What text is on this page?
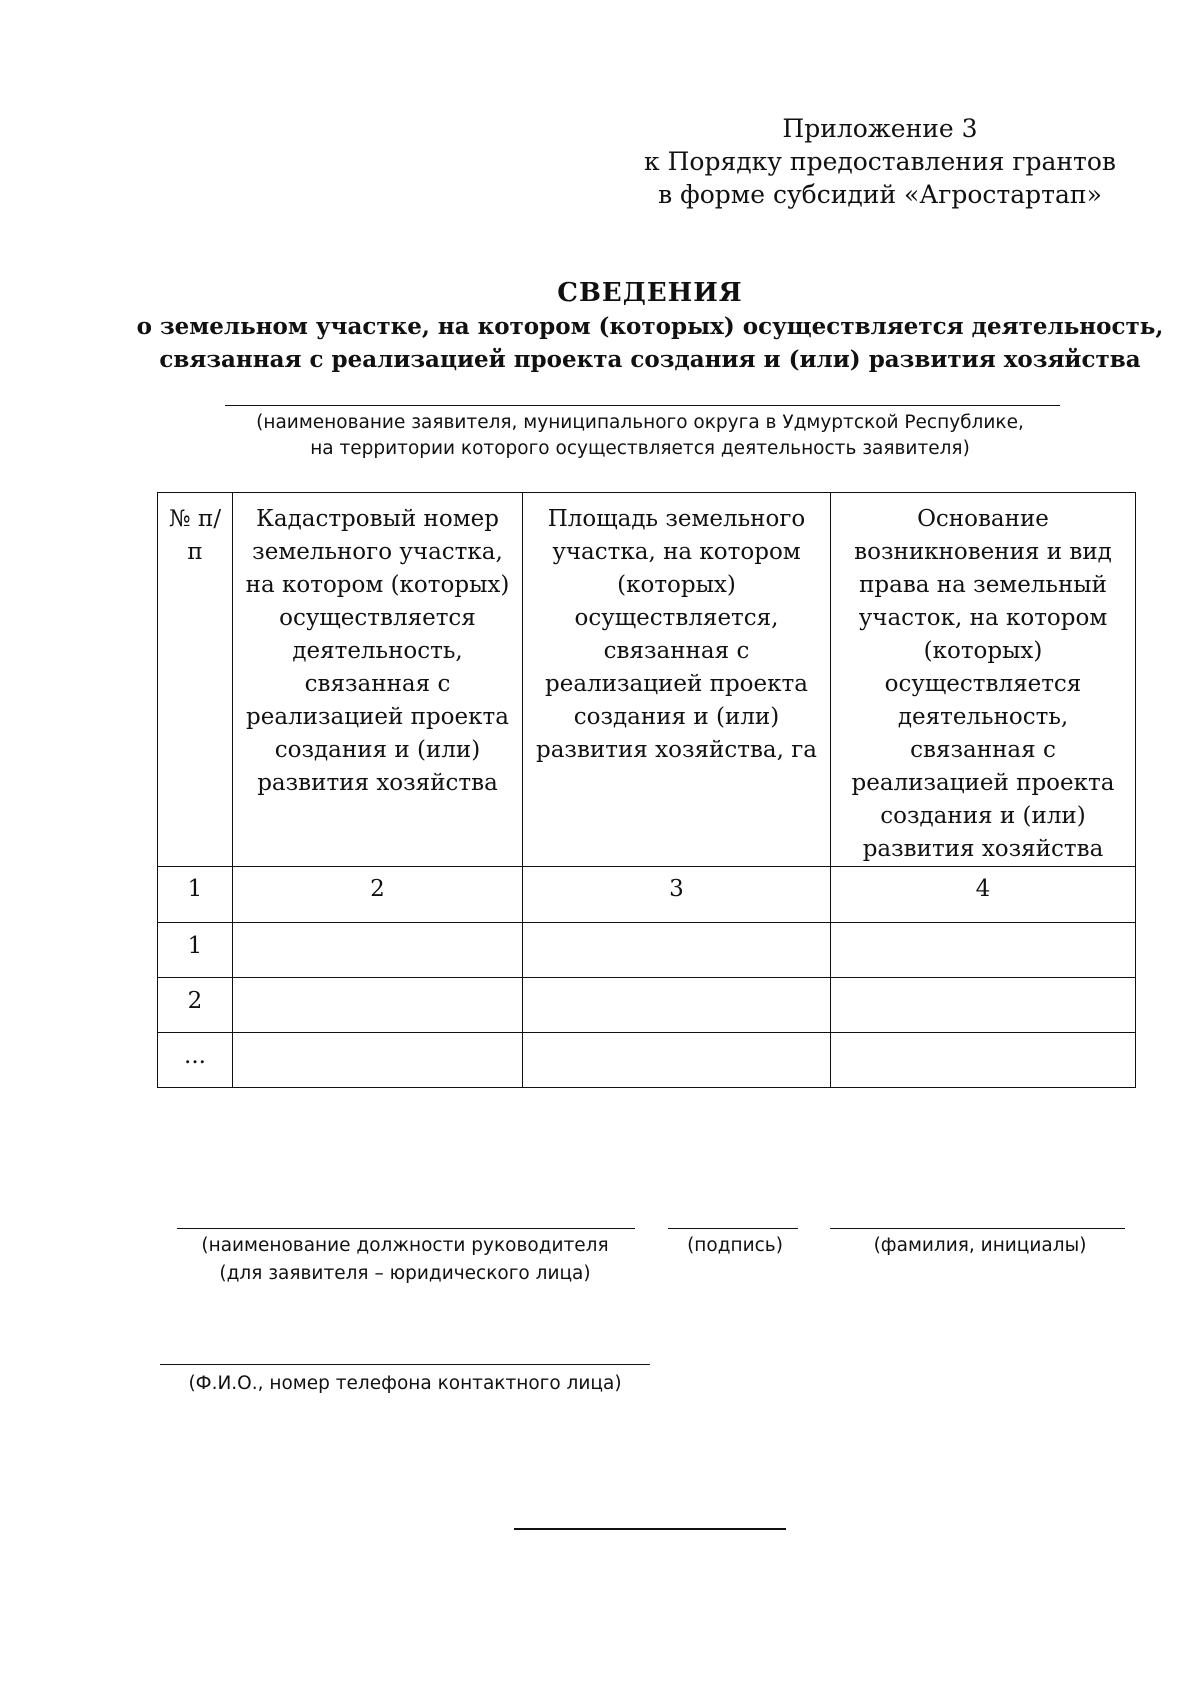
Приложение 3
к Порядку предоставления грантов
в форме субсидий «Агростартап»
СВЕДЕНИЯ
о земельном участке, на котором (которых) осуществляется деятельность,
связанная с реализацией проекта создания и (или) развития хозяйства
(наименование заявителя, муниципального округа в Удмуртской Республике,
на территории которого осуществляется деятельность заявителя)
№ п/п	Кадастровый номер земельного участка, на котором (которых) осуществляется деятельность, связанная с реализацией проекта создания и (или) развития хозяйства	Площадь земельного участка, на котором (которых) осуществляется, связанная с реализацией проекта создания и (или) развития хозяйства, га	Основание возникновения и вид права на земельный участок, на котором (которых) осуществляется деятельность, связанная с реализацией проекта создания и (или) развития хозяйства

1	2	3	4
1			
2			
...			
(наименование должности руководителя
(для заявителя – юридического лица)
(подпись)	(фамилия, инициалы)
(Ф.И.О., номер телефона контактного лица)
